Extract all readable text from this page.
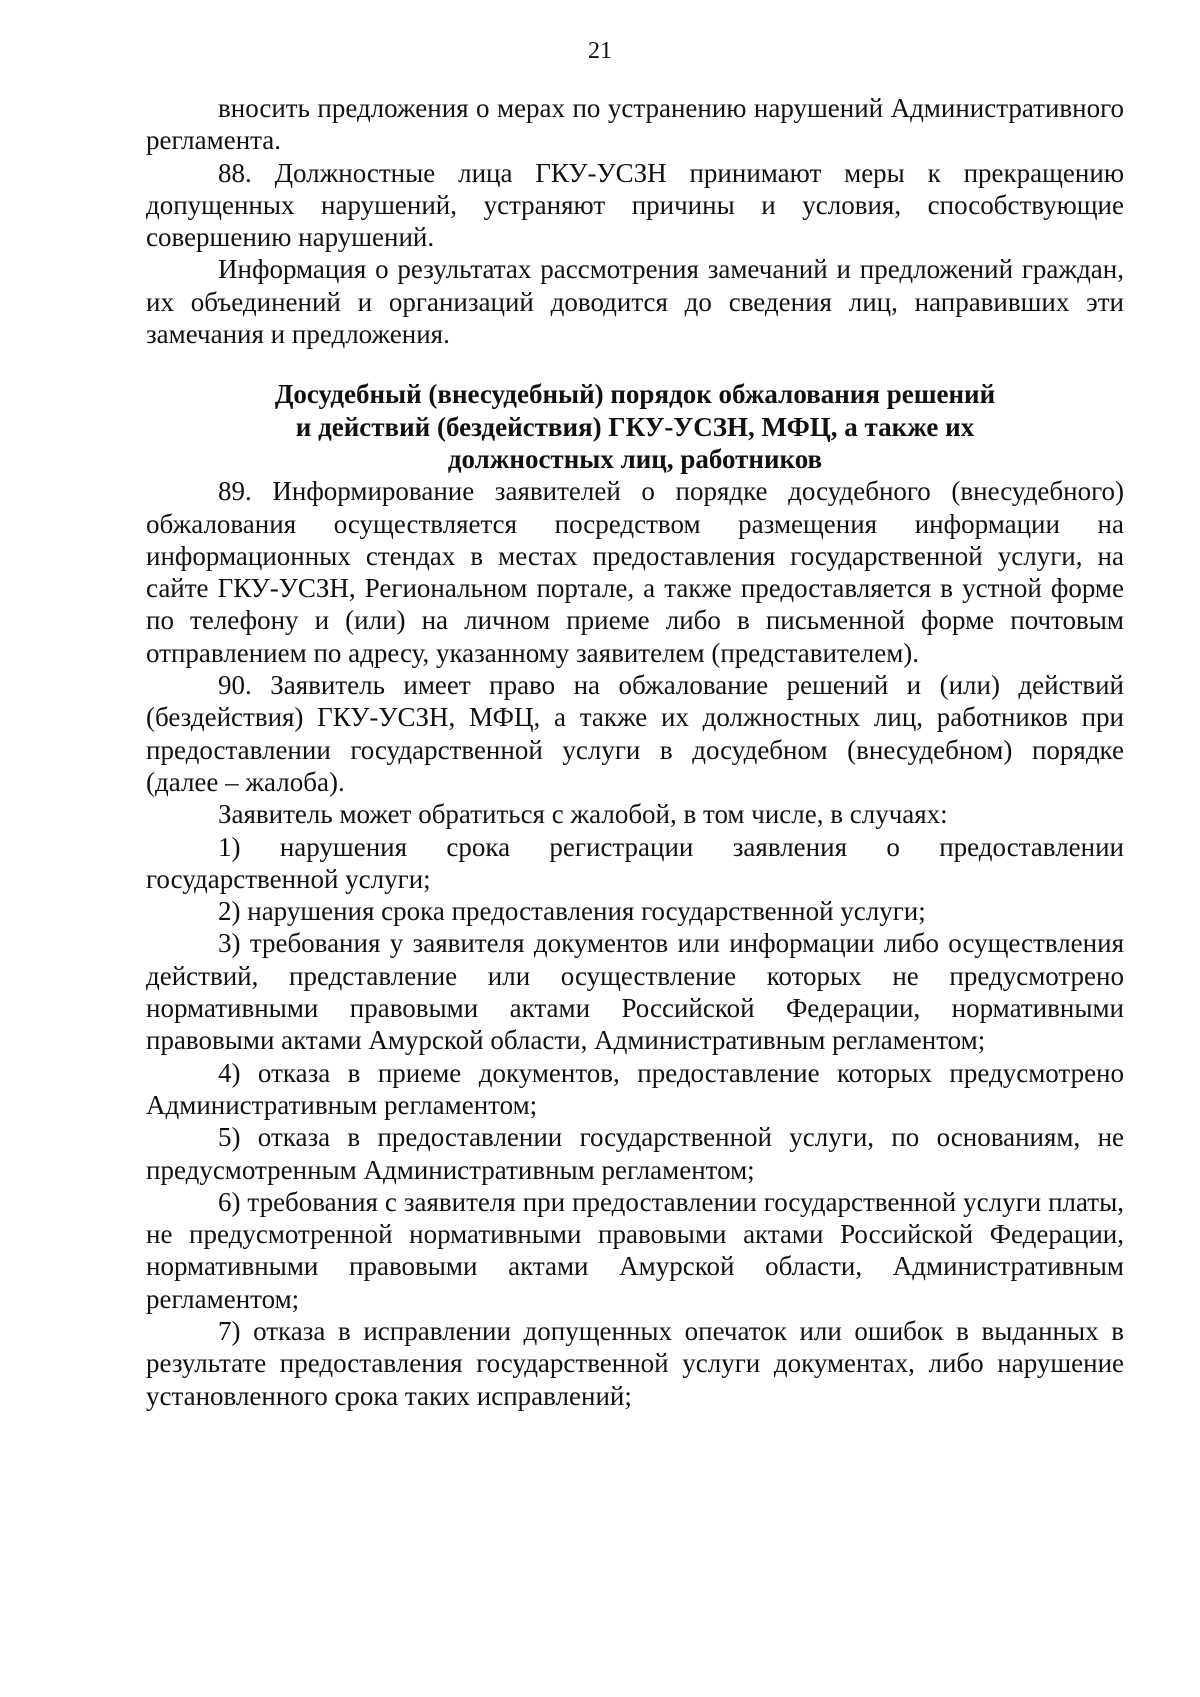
21

вносить предложения о мерах по устранению нарушений Административного регламента.

88. Должностные лица ГКУ-УСЗН принимают меры к прекращению допущенных нарушений, устраняют причины и условия, способствующие совершению нарушений.

Информация о результатах рассмотрения замечаний и предложений граждан, их объединений и организаций доводится до сведения лиц, направивших эти замечания и предложения.

Досудебный (внесудебный) порядок обжалования решений
и действий (бездействия) ГКУ-УСЗН, МФЦ, а также их
должностных лиц, работников

89. Информирование заявителей о порядке досудебного (внесудебного) обжалования осуществляется посредством размещения информации на информационных стендах в местах предоставления государственной услуги, на сайте ГКУ-УСЗН, Региональном портале, а также предоставляется в устной форме по телефону и (или) на личном приеме либо в письменной форме почтовым отправлением по адресу, указанному заявителем (представителем).

90. Заявитель имеет право на обжалование решений и (или) действий (бездействия) ГКУ-УСЗН, МФЦ, а также их должностных лиц, работников при предоставлении государственной услуги в досудебном (внесудебном) порядке (далее – жалоба).

Заявитель может обратиться с жалобой, в том числе, в случаях:

1) нарушения срока регистрации заявления о предоставлении государственной услуги;

2) нарушения срока предоставления государственной услуги;

3) требования у заявителя документов или информации либо осуществления действий, представление или осуществление которых не предусмотрено нормативными правовыми актами Российской Федерации, нормативными правовыми актами Амурской области, Административным регламентом;

4) отказа в приеме документов, предоставление которых предусмотрено Административным регламентом;

5) отказа в предоставлении государственной услуги, по основаниям, не предусмотренным Административным регламентом;

6) требования с заявителя при предоставлении государственной услуги платы, не предусмотренной нормативными правовыми актами Российской Федерации, нормативными правовыми актами Амурской области, Административным регламентом;

7) отказа в исправлении допущенных опечаток или ошибок в выданных в результате предоставления государственной услуги документах, либо нарушение установленного срока таких исправлений;
